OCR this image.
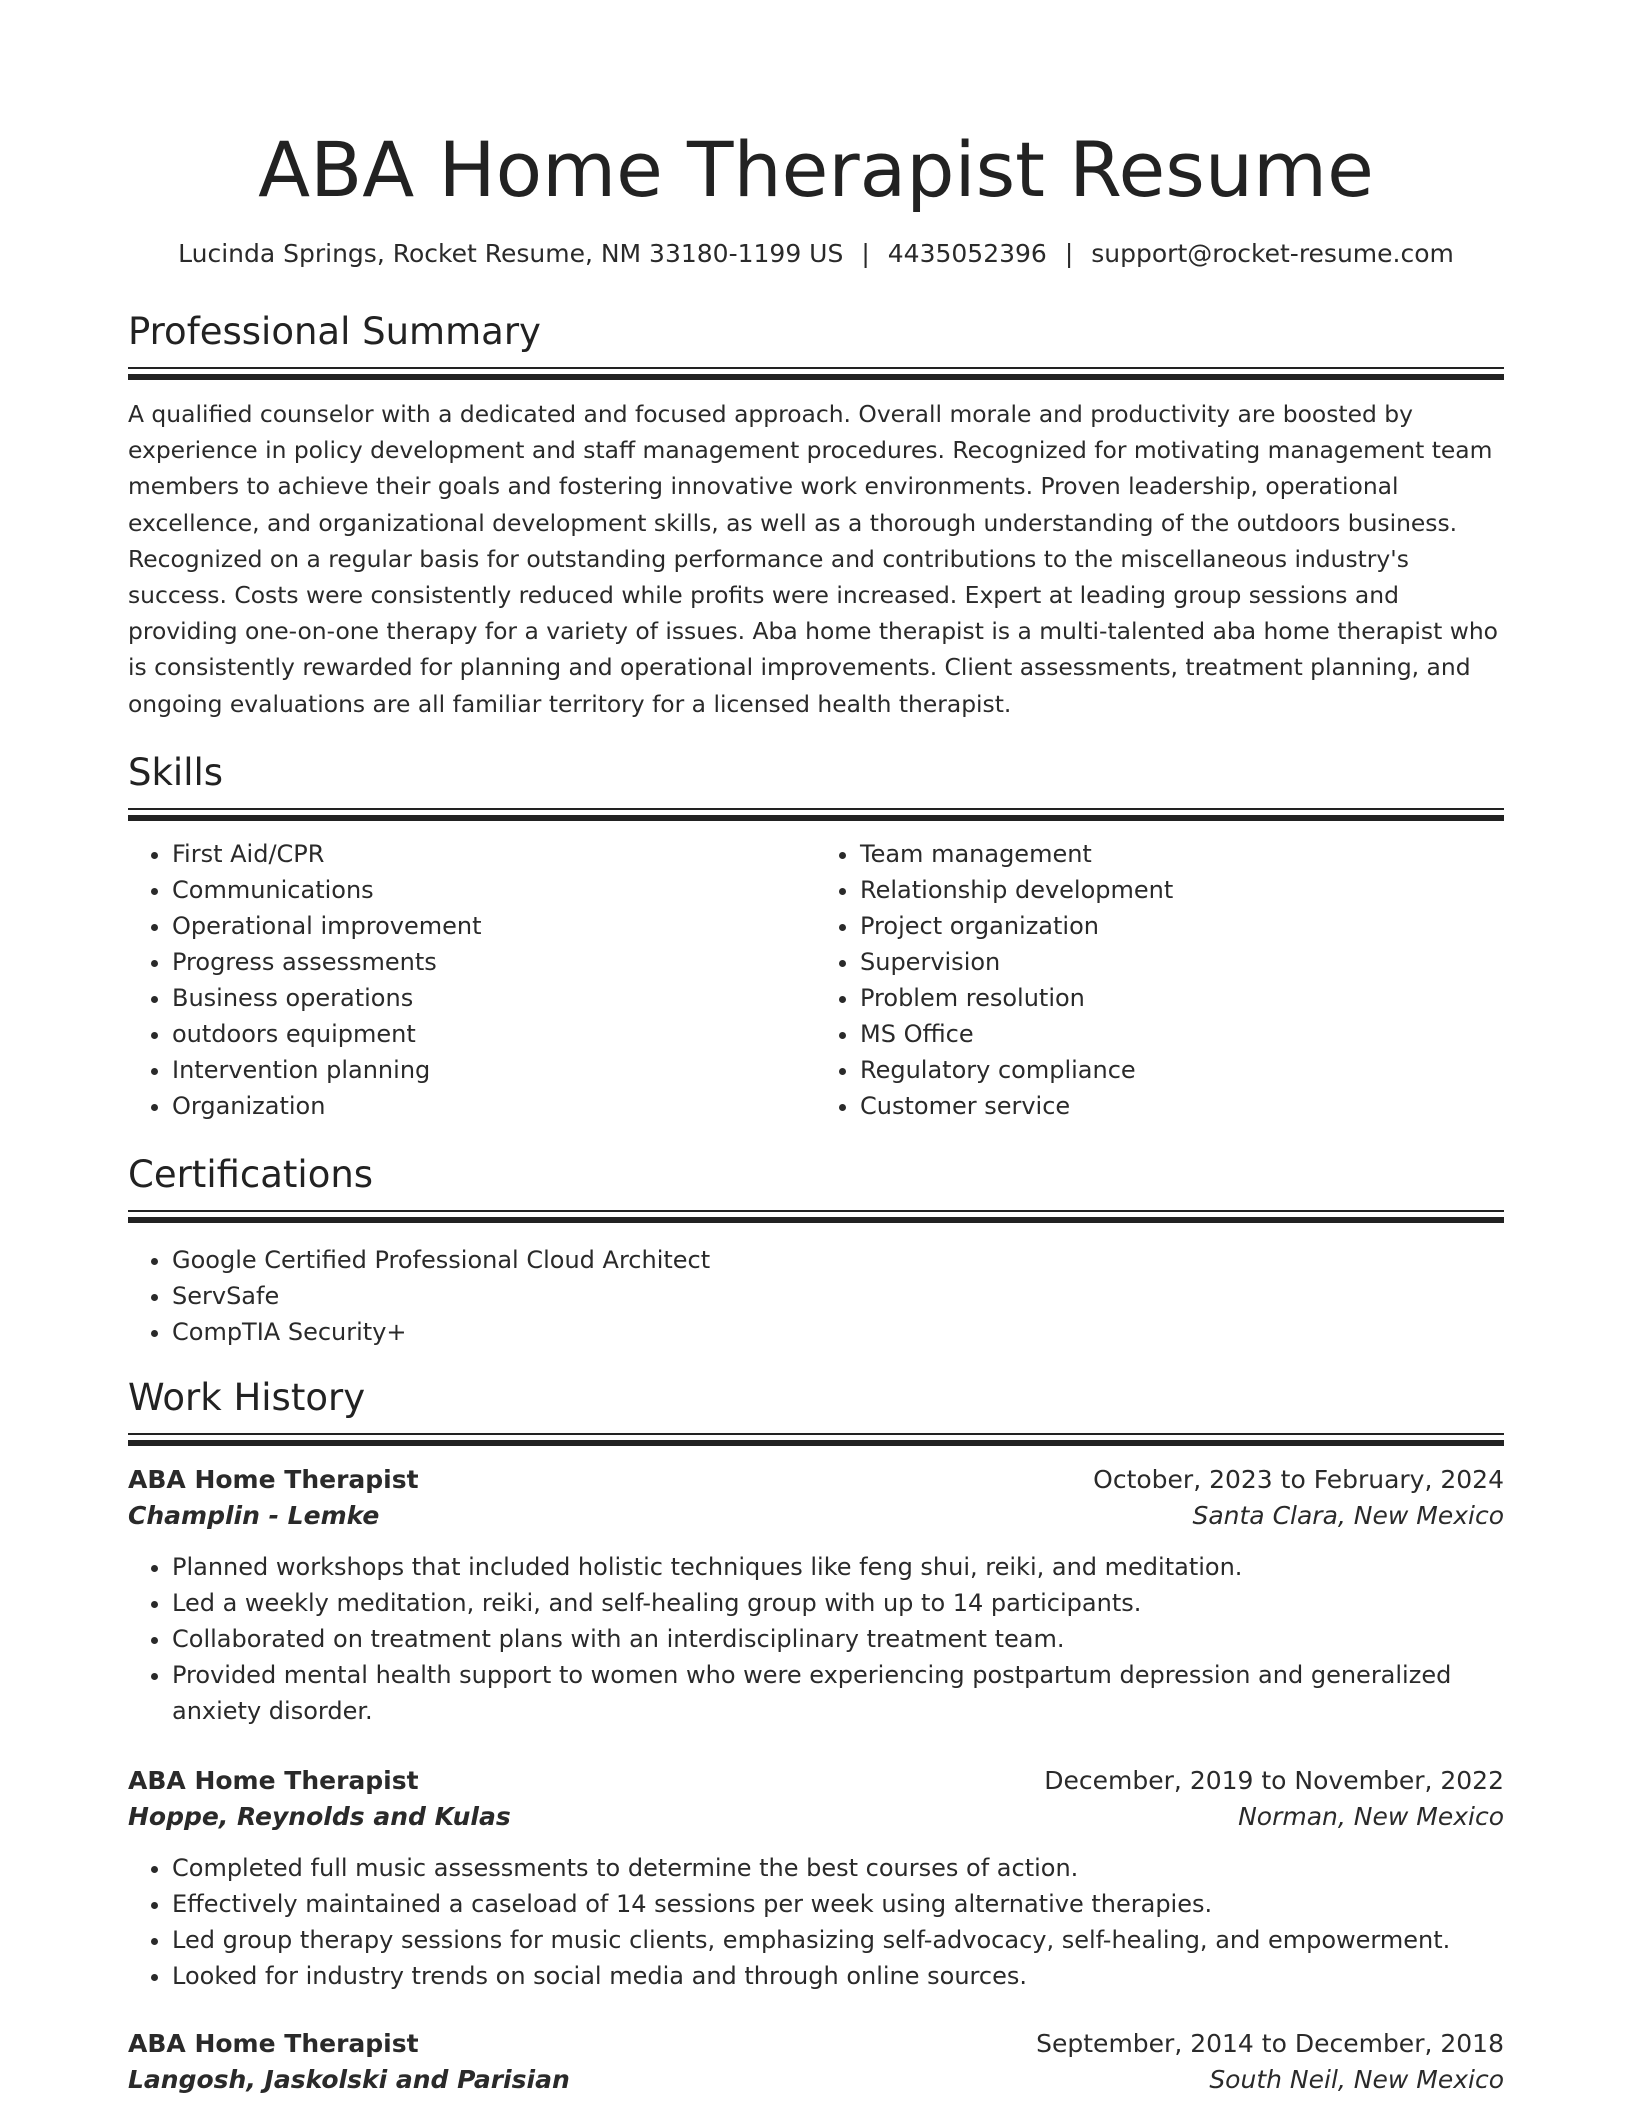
ABA Home Therapist Resume
Lucinda Springs, Rocket Resume, NM 33180-1199 US | 4435052396 | support@rocket-resume.com
Professional Summary

A qualified counselor with a dedicated and focused approach. Overall morale and productivity are boosted by experience in policy development and staff management procedures. Recognized for motivating management team members to achieve their goals and fostering innovative work environments. Proven leadership, operational excellence, and organizational development skills, as well as a thorough understanding of the outdoors business. Recognized on a regular basis for outstanding performance and contributions to the miscellaneous industry's success. Costs were consistently reduced while profits were increased. Expert at leading group sessions and providing one-on-one therapy for a variety of issues. Aba home therapist is a multi-talented aba home therapist who is consistently rewarded for planning and operational improvements. Client assessments, treatment planning, and ongoing evaluations are all familiar territory for a licensed health therapist.

Skills
• First Aid/CPR
• Communications
• Operational improvement
• Progress assessments
• Business operations
• outdoors equipment
• Intervention planning
• Organization
• Team management
• Relationship development
• Project organization
• Supervision
• Problem resolution
• MS Office
• Regulatory compliance
• Customer service
Certifications
• Google Certified Professional Cloud Architect
• ServSafe
• CompTIA Security+
Work History
ABA Home Therapist	October, 2023 to February, 2024
Champlin - Lemke	Santa Clara, New Mexico
• Planned workshops that included holistic techniques like feng shui, reiki, and meditation.
• Led a weekly meditation, reiki, and self-healing group with up to 14 participants.
• Collaborated on treatment plans with an interdisciplinary treatment team.
• Provided mental health support to women who were experiencing postpartum depression and generalized anxiety disorder.
ABA Home Therapist	December, 2019 to November, 2022
Hoppe, Reynolds and Kulas	Norman, New Mexico
• Completed full music assessments to determine the best courses of action.
• Effectively maintained a caseload of 14 sessions per week using alternative therapies.
• Led group therapy sessions for music clients, emphasizing self-advocacy, self-healing, and empowerment.
• Looked for industry trends on social media and through online sources.
ABA Home Therapist	September, 2014 to December, 2018
Langosh, Jaskolski and Parisian	South Neil, New Mexico
